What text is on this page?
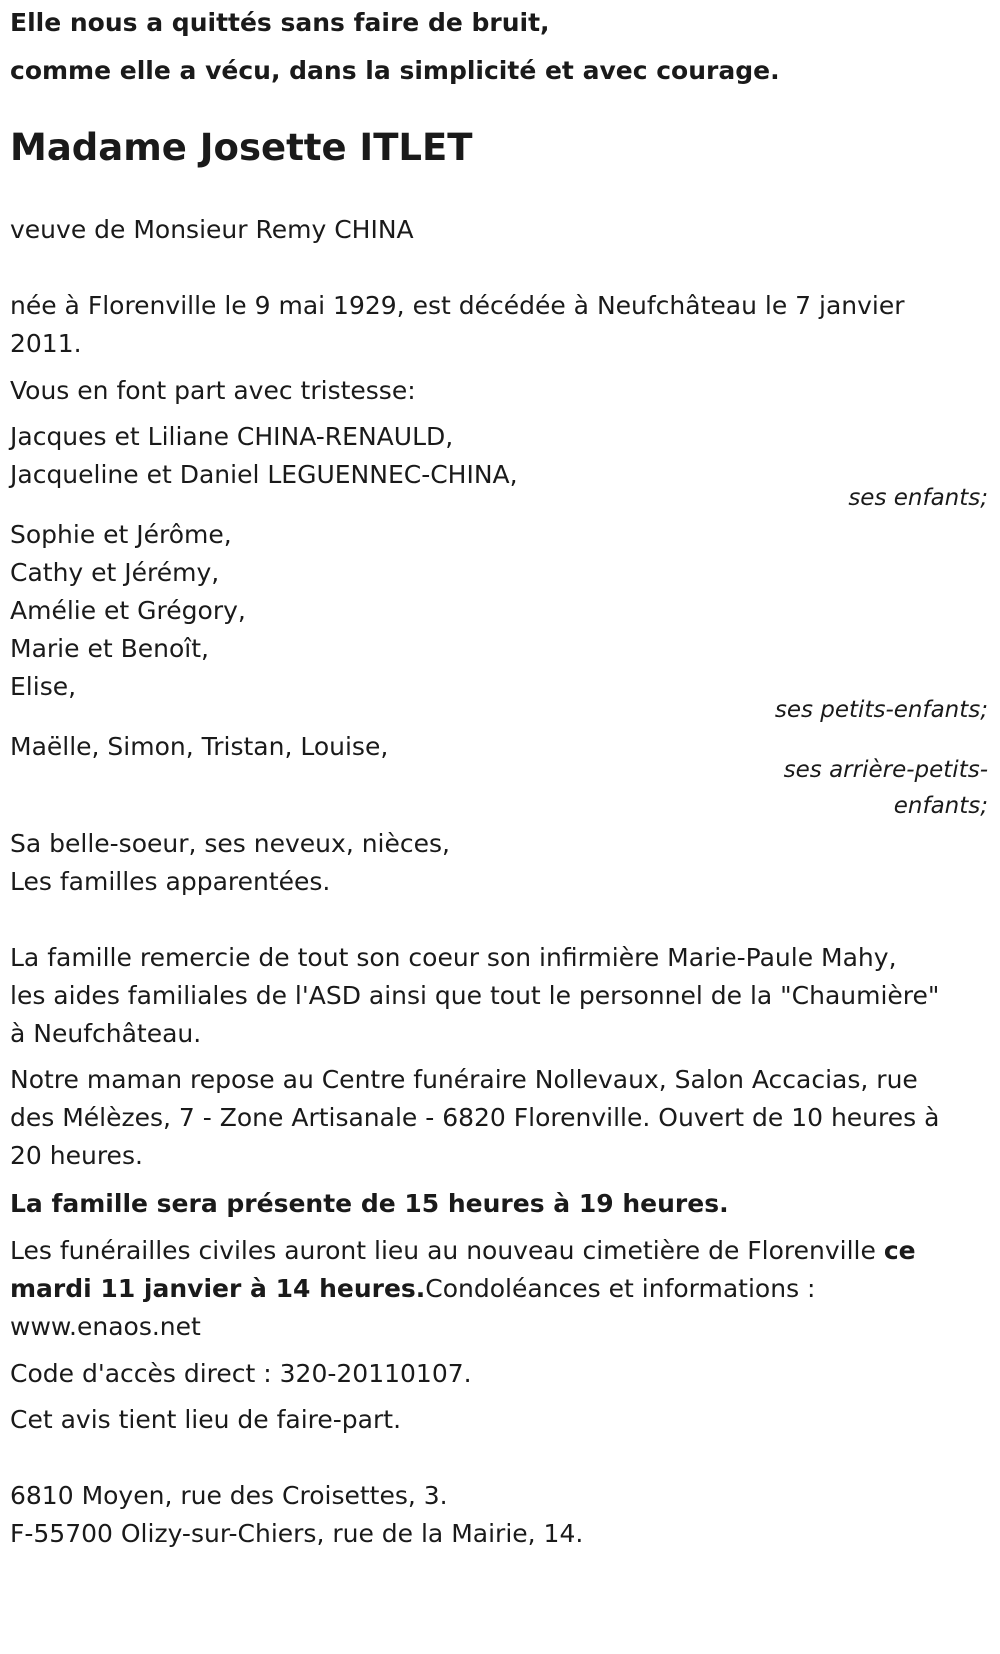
Elle nous a quittés sans faire de bruit,
comme elle a vécu, dans la simplicité et avec courage.
Madame Josette ITLET
veuve de Monsieur Remy CHINA
née à Florenville le 9 mai 1929, est décédée à Neufchâteau le 7 janvier
2011.
Vous en font part avec tristesse:
Jacques et Liliane CHINA-RENAULD,
Jacqueline et Daniel LEGUENNEC-CHINA,
ses enfants;
Sophie et Jérôme,
Cathy et Jérémy,
Amélie et Grégory,
Marie et Benoît,
Elise,
ses petits-enfants;
Maëlle, Simon, Tristan, Louise,
ses arrière-petits-
enfants;
Sa belle-soeur, ses neveux, nièces,
Les familles apparentées.
La famille remercie de tout son coeur son infirmière Marie-Paule Mahy,
les aides familiales de l'ASD ainsi que tout le personnel de la "Chaumière"
à Neufchâteau.
Notre maman repose au Centre funéraire Nollevaux, Salon Accacias, rue
des Mélèzes, 7 - Zone Artisanale - 6820 Florenville. Ouvert de 10 heures à
20 heures.
La famille sera présente de 15 heures à 19 heures.
Les funérailles civiles auront lieu au nouveau cimetière de Florenville ce
mardi 11 janvier à 14 heures.Condoléances et informations :
www.enaos.net
Code d'accès direct : 320-20110107.
Cet avis tient lieu de faire-part.
6810 Moyen, rue des Croisettes, 3.
F-55700 Olizy-sur-Chiers, rue de la Mairie, 14.
